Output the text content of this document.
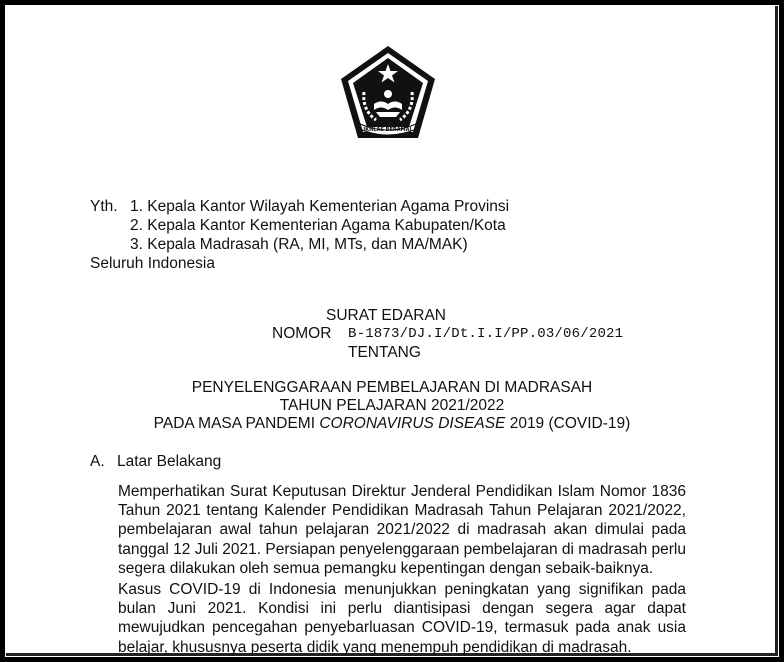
IKHLAS BERAMAL
Yth. 1. Kepala Kantor Wilayah Kementerian Agama Provinsi
2. Kepala Kantor Kementerian Agama Kabupaten/Kota
3. Kepala Madrasah (RA, MI, MTs, dan MA/MAK)
Seluruh Indonesia
SURAT EDARAN
NOMOR B-1873/DJ.I/Dt.I.I/PP.03/06/2021
TENTANG
PENYELENGGARAAN PEMBELAJARAN DI MADRASAH
TAHUN PELAJARAN 2021/2022
PADA MASA PANDEMI CORONAVIRUS DISEASE 2019 (COVID-19)
A. Latar Belakang
Memperhatikan Surat Keputusan Direktur Jenderal Pendidikan Islam Nomor 1836
Tahun 2021 tentang Kalender Pendidikan Madrasah Tahun Pelajaran 2021/2022,
pembelajaran awal tahun pelajaran 2021/2022 di madrasah akan dimulai pada
tanggal 12 Juli 2021. Persiapan penyelenggaraan pembelajaran di madrasah perlu
segera dilakukan oleh semua pemangku kepentingan dengan sebaik-baiknya.
Kasus COVID-19 di Indonesia menunjukkan peningkatan yang signifikan pada
bulan Juni 2021. Kondisi ini perlu diantisipasi dengan segera agar dapat
mewujudkan pencegahan penyebarluasan COVID-19, termasuk pada anak usia
belajar, khususnya peserta didik yang menempuh pendidikan di madrasah.
